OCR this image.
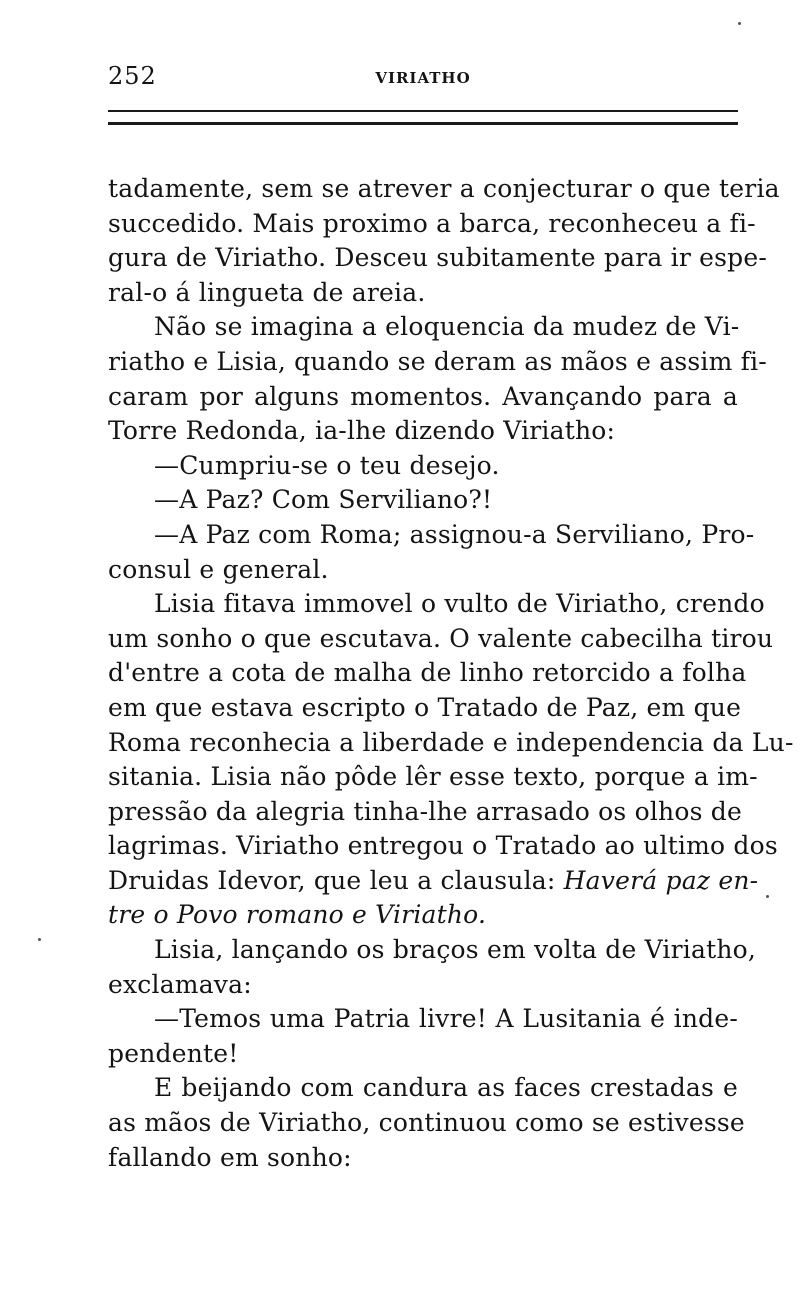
252	VIRIATHO
tadamente, sem se atrever a conjecturar o que teria
succedido. Mais proximo a barca, reconheceu a fi-
gura de Viriatho. Desceu subitamente para ir espe-
ral-o á lingueta de areia.
Não se imagina a eloquencia da mudez de Vi-
riatho e Lisia, quando se deram as mãos e assim fi-
caram por alguns momentos. Avançando para a
Torre Redonda, ia-lhe dizendo Viriatho:
—Cumpriu-se o teu desejo.
—A Paz? Com Serviliano?!
—A Paz com Roma; assignou-a Serviliano, Pro-
consul e general.
Lisia fitava immovel o vulto de Viriatho, crendo
um sonho o que escutava. O valente cabecilha tirou
d'entre a cota de malha de linho retorcido a folha
em que estava escripto o Tratado de Paz, em que
Roma reconhecia a liberdade e independencia da Lu-
sitania. Lisia não pôde lêr esse texto, porque a im-
pressão da alegria tinha-lhe arrasado os olhos de
lagrimas. Viriatho entregou o Tratado ao ultimo dos
Druidas Idevor, que leu a clausula: Haverá paz en-
tre o Povo romano e Viriatho.
Lisia, lançando os braços em volta de Viriatho,
exclamava:
—Temos uma Patria livre! A Lusitania é inde-
pendente!
E beijando com candura as faces crestadas e
as mãos de Viriatho, continuou como se estivesse
fallando em sonho:
